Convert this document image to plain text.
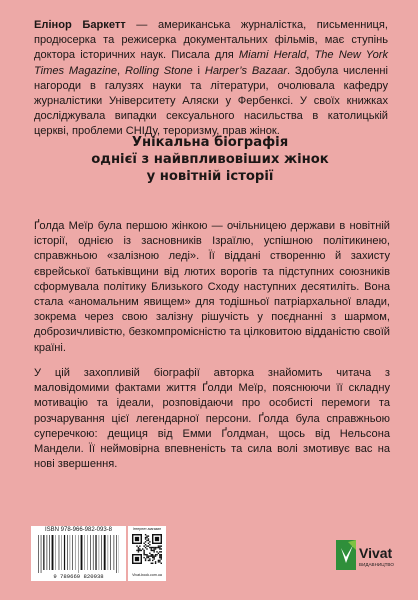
Елінор Баркетт — американська журналістка, письменниця, продюсерка та режисерка документальних фільмів, має ступінь доктора історичних наук. Писала для Miami Herald, The New York Times Magazine, Rolling Stone і Harper’s Bazaar. Здобула численні нагороди в галузях науки та літератури, очолювала кафедру журналістики Університету Аляски у Фербенксі. У своїх книжках досліджувала випадки сексуального насильства в католицькій церкві, проблеми СНІДу, тероризму, прав жінок.

Унікальна біографія
однієї з найвпливовіших жінок
у новітній історії

Ґолда Меїр була першою жінкою — очільницею держави в новітній історії, однією із засновників Ізраїлю, успішною політикинею, справжньою «залізною леді». Її віддані створенню й захисту єврейської батьківщини від лютих ворогів та підступних союзників сформувала політику Близького Сходу наступних десятиліть. Вона стала «аномальним явищем» для тодішньої патріархальної влади, зокрема через свою залізну рішучість у поєднанні з шармом, доброзичливістю, безкомпромісністю та цілковитою відданістю своїй країні.

У цій захопливій біографії авторка знайомить читача з маловідомими фактами життя Ґолди Меїр, пояснюючи її складну мотивацію та ідеали, розповідаючи про особисті перемоги та розчарування цієї легендарної персони. Ґолда була справжньою суперечкою: дещиця від Емми Ґолдман, щось від Нельсона Мандели. Її неймовірна впевненість та сила волі змотивує вас на нові звершення.

ISBN 978-966-982-093-8
9 789669 820938
Інтернет-магазин
Vivat-book.com.ua
Vivat
ВИДАВНИЦТВО
